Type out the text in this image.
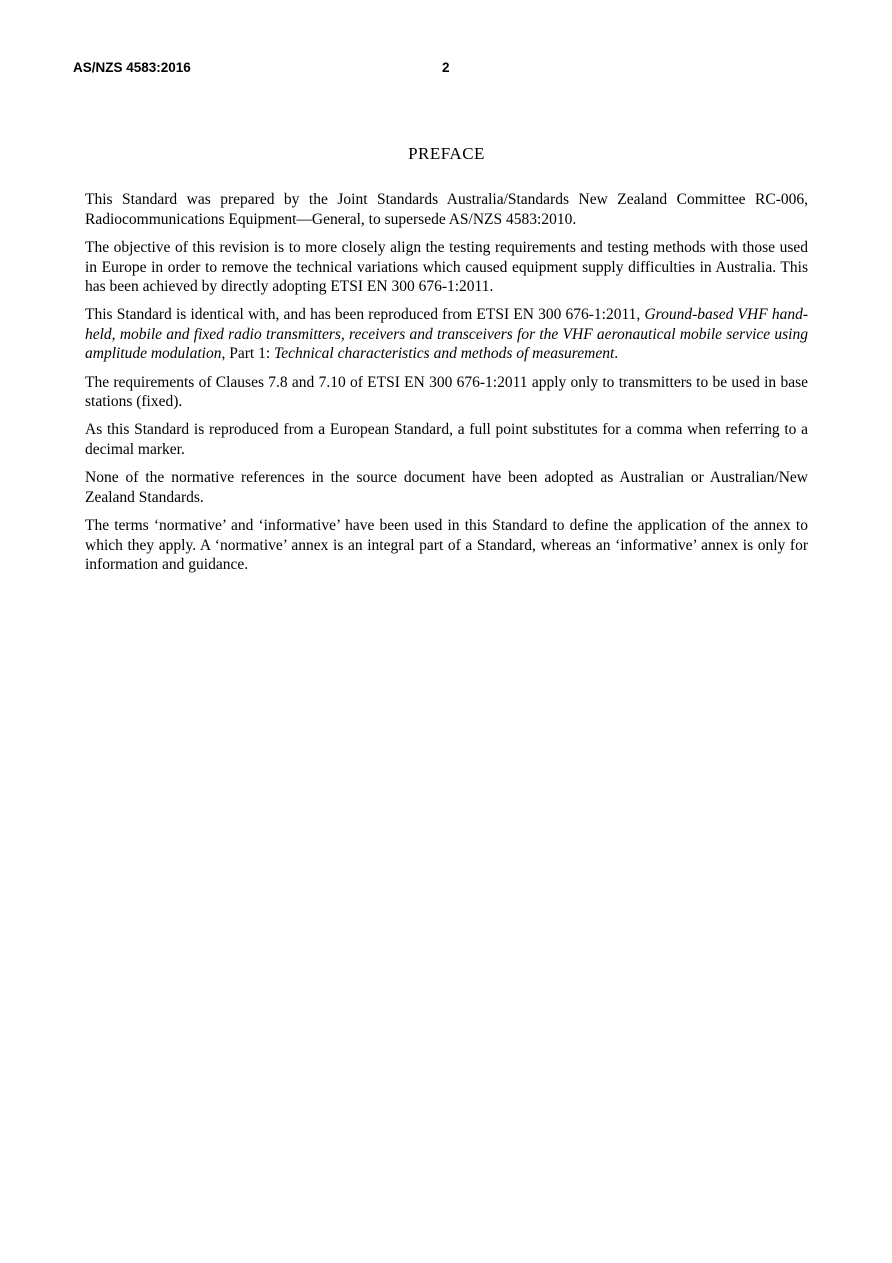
AS/NZS 4583:2016	2
PREFACE

This Standard was prepared by the Joint Standards Australia/Standards New Zealand Committee RC-006, Radiocommunications Equipment—General, to supersede AS/NZS 4583:2010.

The objective of this revision is to more closely align the testing requirements and testing methods with those used in Europe in order to remove the technical variations which caused equipment supply difficulties in Australia. This has been achieved by directly adopting ETSI EN 300 676-1:2011.

This Standard is identical with, and has been reproduced from ETSI EN 300 676-1:2011, Ground-based VHF hand-held, mobile and fixed radio transmitters, receivers and transceivers for the VHF aeronautical mobile service using amplitude modulation, Part 1: Technical characteristics and methods of measurement.

The requirements of Clauses 7.8 and 7.10 of ETSI EN 300 676-1:2011 apply only to transmitters to be used in base stations (fixed).

As this Standard is reproduced from a European Standard, a full point substitutes for a comma when referring to a decimal marker.

None of the normative references in the source document have been adopted as Australian or Australian/New Zealand Standards.

The terms ‘normative’ and ‘informative’ have been used in this Standard to define the application of the annex to which they apply. A ‘normative’ annex is an integral part of a Standard, whereas an ‘informative’ annex is only for information and guidance.
